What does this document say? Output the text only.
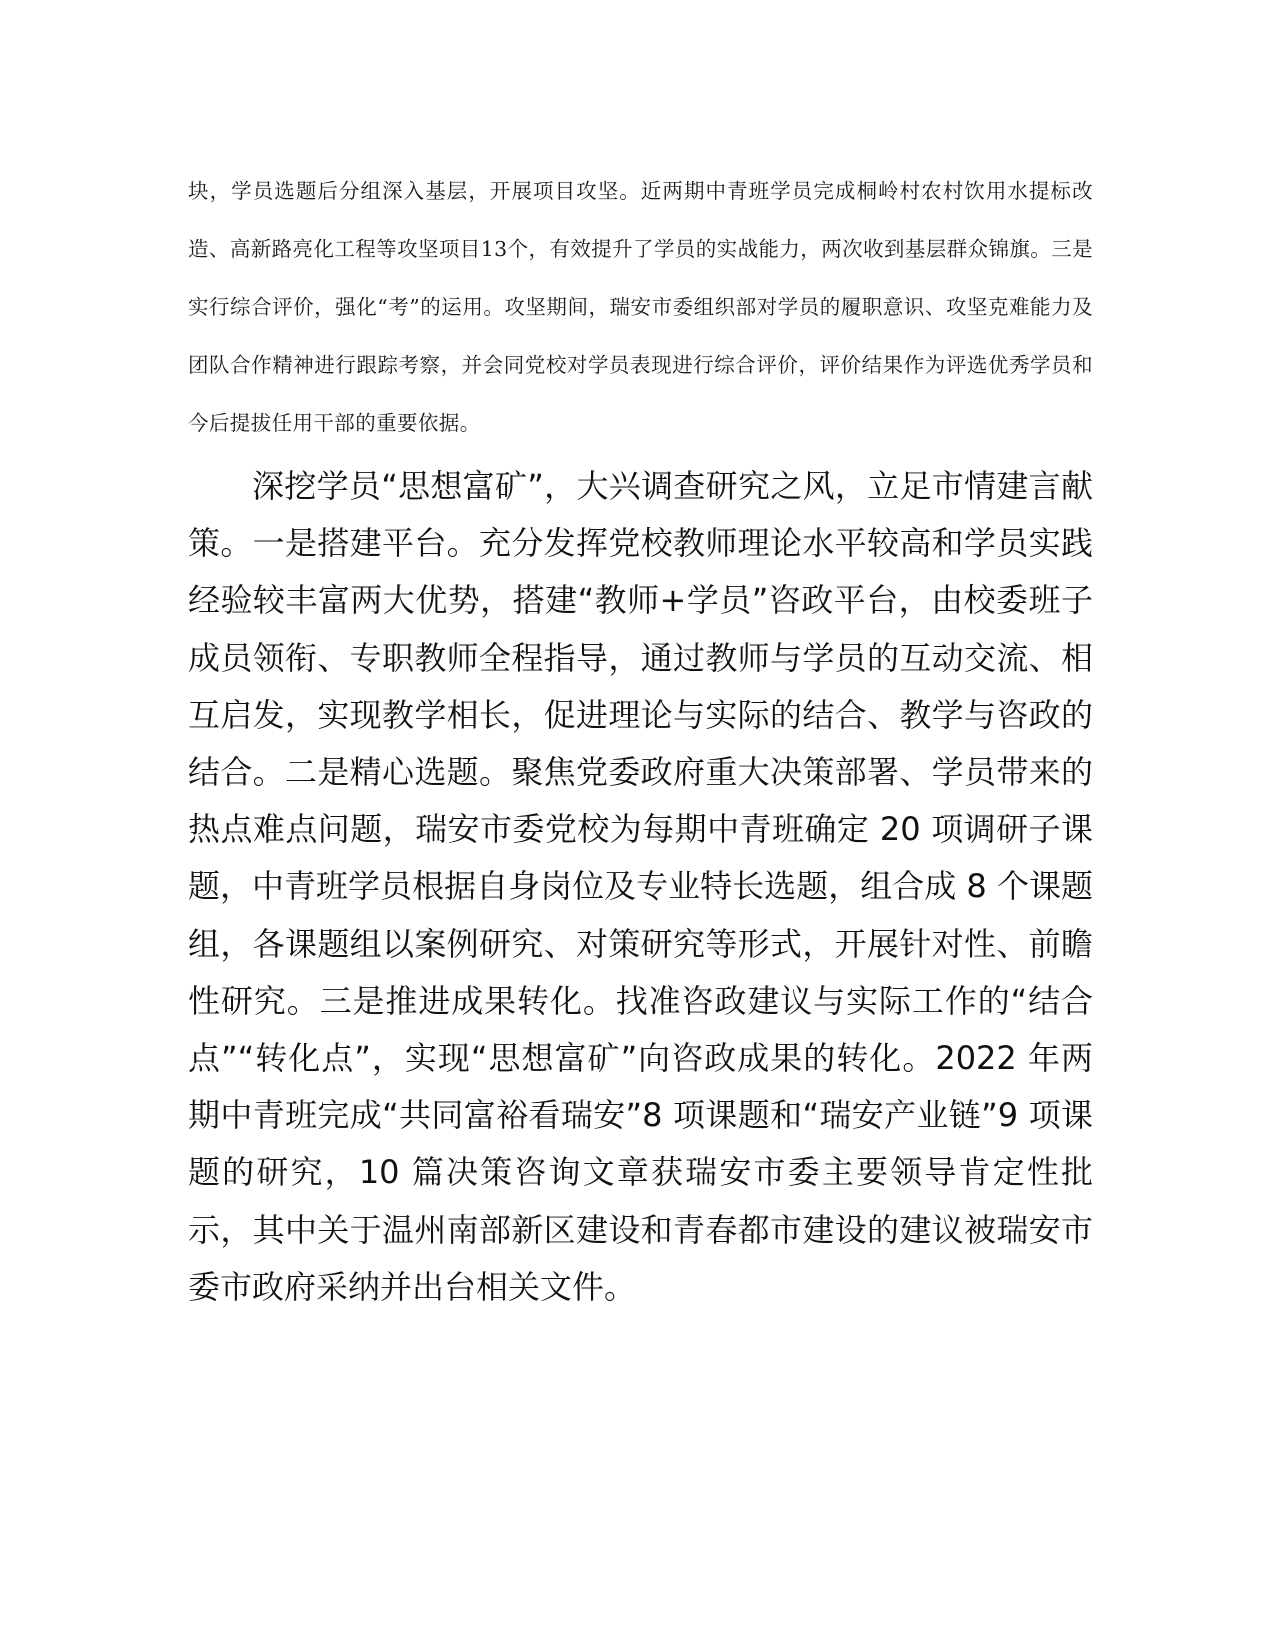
块，学员选题后分组深入基层，开展项目攻坚。近两期中青班学员完成桐岭村农村饮用水提标改造、高新路亮化工程等攻坚项目13个，有效提升了学员的实战能力，两次收到基层群众锦旗。三是实行综合评价，强化“考”的运用。攻坚期间，瑞安市委组织部对学员的履职意识、攻坚克难能力及团队合作精神进行跟踪考察，并会同党校对学员表现进行综合评价，评价结果作为评选优秀学员和今后提拔任用干部的重要依据。

深挖学员“思想富矿”，大兴调查研究之风，立足市情建言献策。一是搭建平台。充分发挥党校教师理论水平较高和学员实践经验较丰富两大优势，搭建“教师+学员”咨政平台，由校委班子成员领衔、专职教师全程指导，通过教师与学员的互动交流、相互启发，实现教学相长，促进理论与实际的结合、教学与咨政的结合。二是精心选题。聚焦党委政府重大决策部署、学员带来的热点难点问题，瑞安市委党校为每期中青班确定 20 项调研子课题，中青班学员根据自身岗位及专业特长选题，组合成 8 个课题组，各课题组以案例研究、对策研究等形式，开展针对性、前瞻性研究。三是推进成果转化。找准咨政建议与实际工作的“结合点”“转化点”，实现“思想富矿”向咨政成果的转化。2022 年两期中青班完成“共同富裕看瑞安”8 项课题和“瑞安产业链”9 项课题的研究，10 篇决策咨询文章获瑞安市委主要领导肯定性批示，其中关于温州南部新区建设和青春都市建设的建议被瑞安市委市政府采纳并出台相关文件。
